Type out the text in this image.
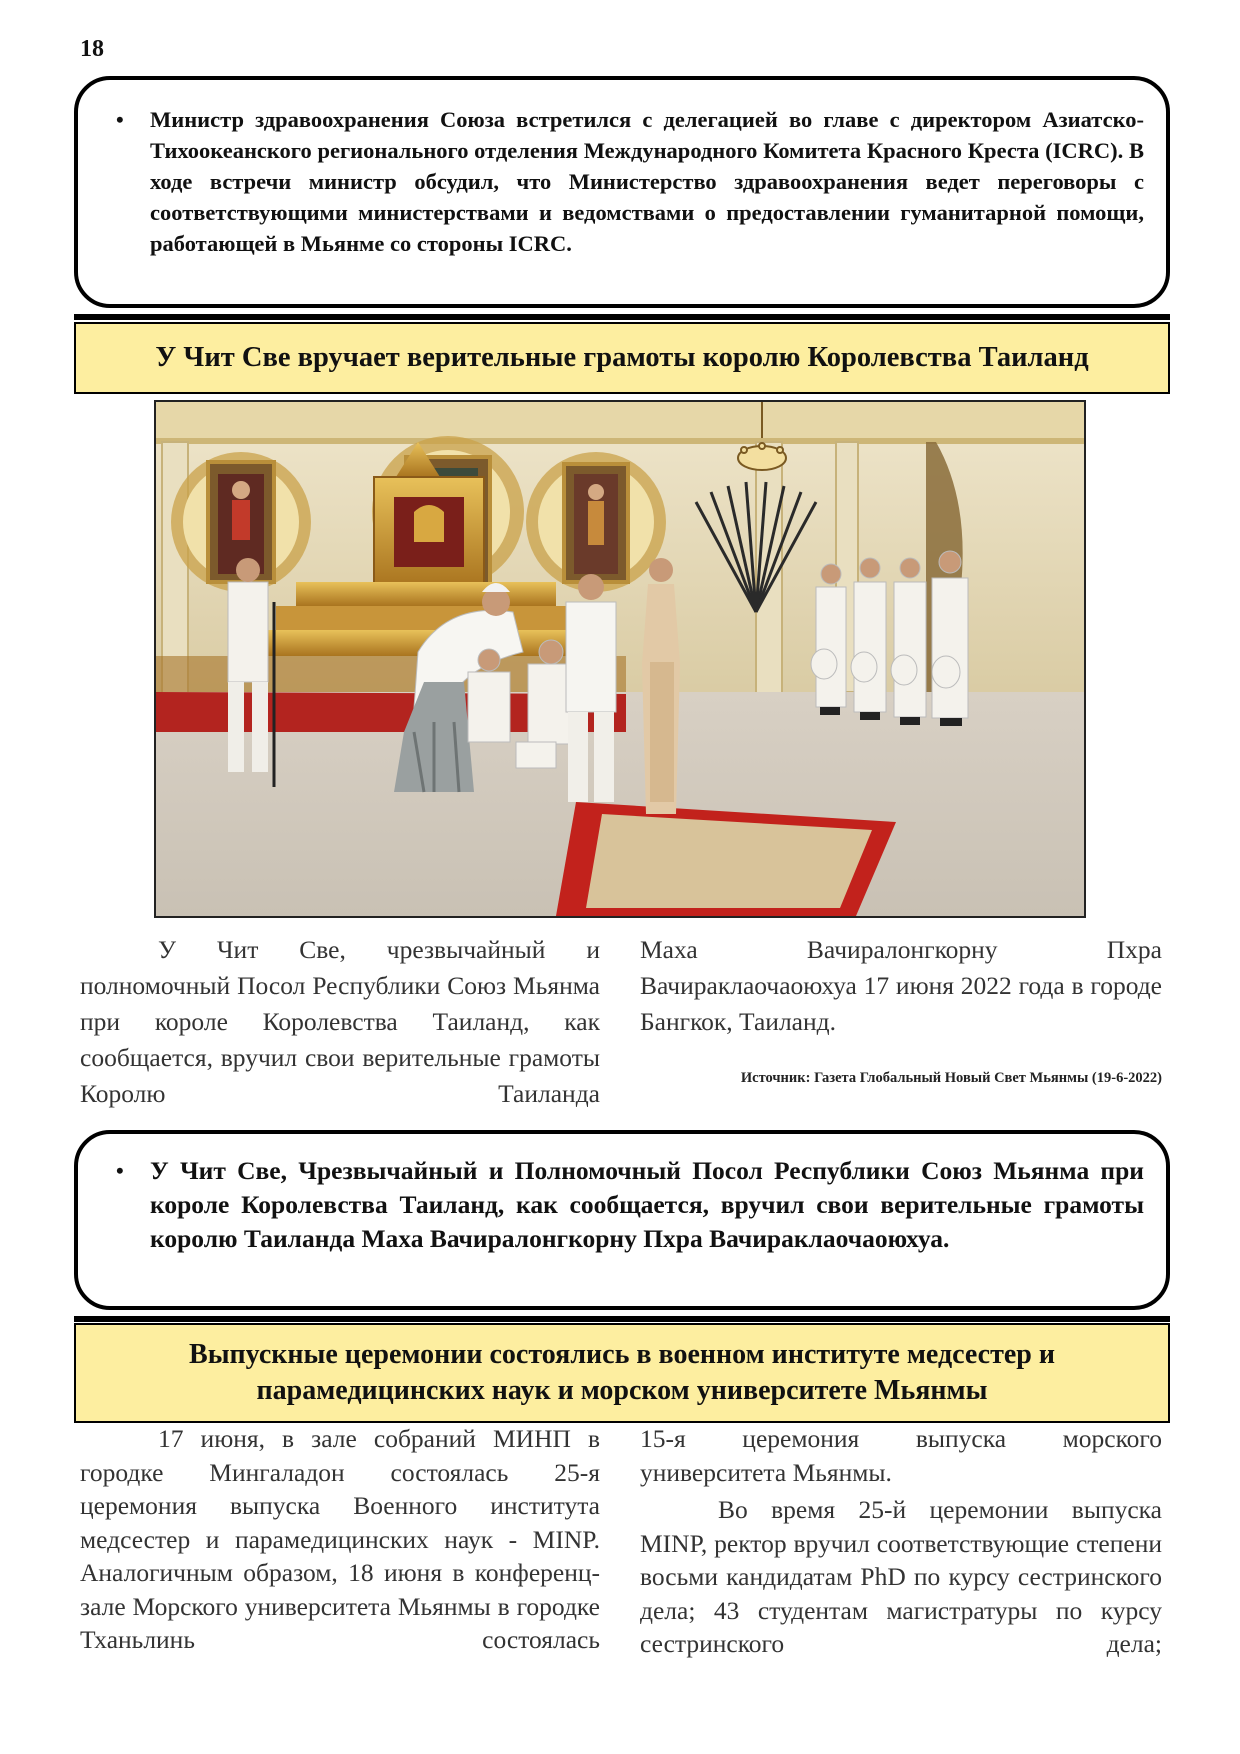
18
• Министр здравоохранения Союза встретился с делегацией во главе с директором Азиатско-Тихоокеанского регионального отделения Международного Комитета Красного Креста (ICRC). В ходе встречи министр обсудил, что Министерство здравоохранения ведет переговоры с соответствующими министерствами и ведомствами о предоставлении гуманитарной помощи, работающей в Мьянме со стороны ICRC.
У Чит Све вручает верительные грамоты королю Королевства Таиланд

У Чит Све, чрезвычайный и полномочный Посол Республики Союз Мьянма при короле Королевства Таиланд, как сообщается, вручил свои верительные грамоты Королю Таиланда

Маха Вачиралонгкорну Пхра Вачираклаочаоюхуа 17 июня 2022 года в городе Бангкок, Таиланд.

Источник: Газета Глобальный Новый Свет Мьянмы (19-6-2022)
• У Чит Све, Чрезвычайный и Полномочный Посол Республики Союз Мьянма при короле Королевства Таиланд, как сообщается, вручил свои верительные грамоты королю Таиланда Маха Вачиралонгкорну Пхра Вачираклаочаоюхуа.
Выпускные церемонии состоялись в военном институте медсестер и парамедицинских наук и морском университете Мьянмы

17 июня, в зале собраний МИНП в городке Мингаладон состоялась 25-я церемония выпуска Военного института медсестер и парамедицинских наук - MINP. Аналогичным образом, 18 июня в конференц-зале Морского университета Мьянмы в городке Тханьлинь состоялась

15-я церемония выпуска морского университета Мьянмы.

Во время 25-й церемонии выпуска MINP, ректор вручил соответствующие степени восьми кандидатам PhD по курсу сестринского дела; 43 студентам магистратуры по курсу сестринского дела;
